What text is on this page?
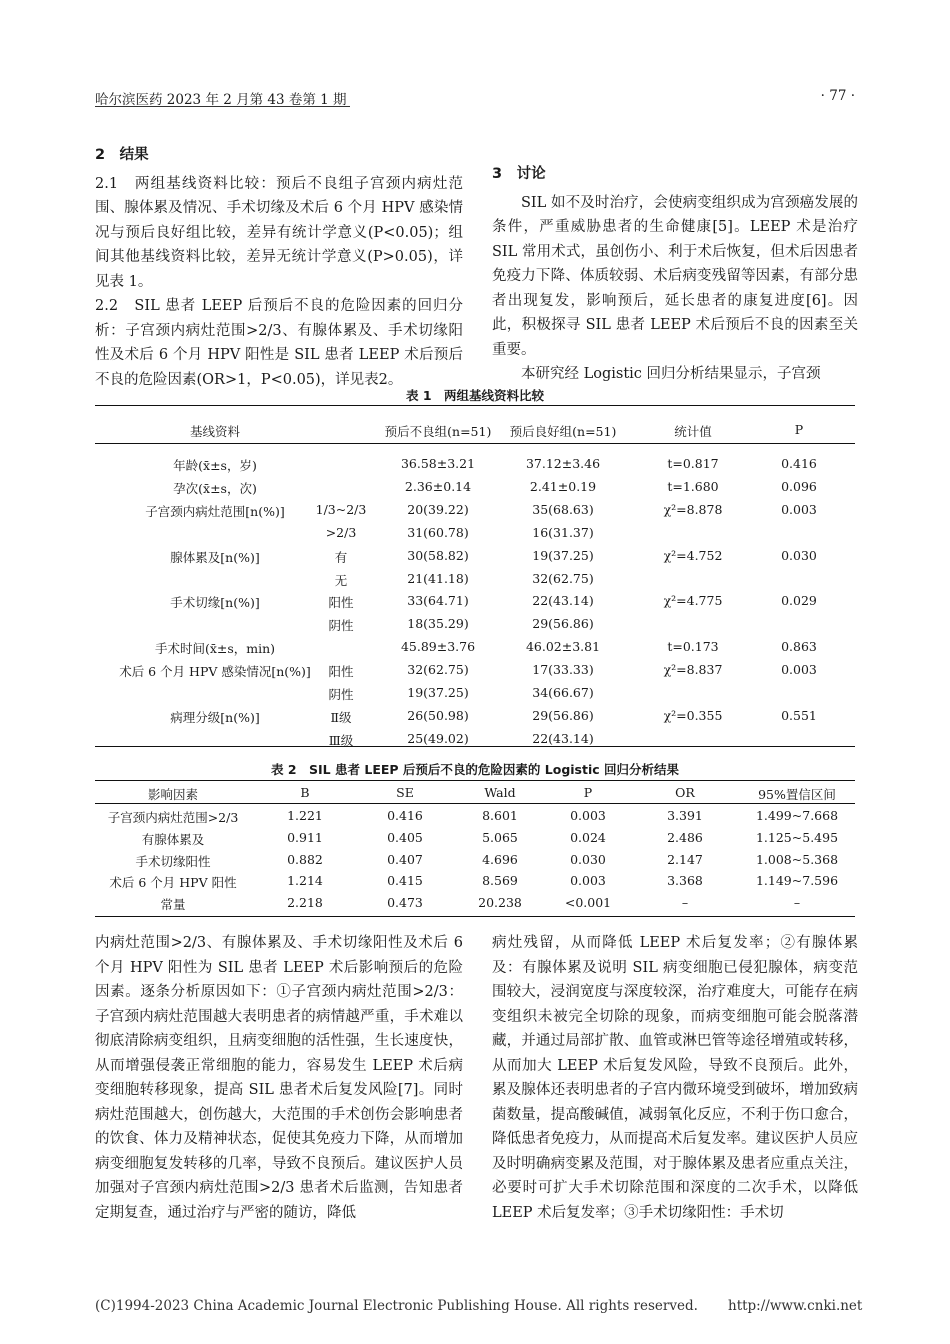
哈尔滨医药 2023 年 2 月第 43 卷第 1 期	· 77 ·

2　结果

2.1　两组基线资料比较：预后不良组子宫颈内病灶范围、腺体累及情况、手术切缘及术后 6 个月 HPV 感染情况与预后良好组比较，差异有统计学意义(P<0.05)；组间其他基线资料比较，差异无统计学意义(P>0.05)，详见表 1。

2.2　SIL 患者 LEEP 后预后不良的危险因素的回归分析：子宫颈内病灶范围>2/3、有腺体累及、手术切缘阳性及术后 6 个月 HPV 阳性是 SIL 患者 LEEP 术后预后不良的危险因素(OR>1，P<0.05)，详见表2。

3　讨论

SIL 如不及时治疗，会使病变组织成为宫颈癌发展的条件，严重威胁患者的生命健康[5]。LEEP 术是治疗 SIL 常用术式，虽创伤小、利于术后恢复，但术后因患者免疫力下降、体质较弱、术后病变残留等因素，有部分患者出现复发，影响预后，延长患者的康复进度[6]。因此，积极探寻 SIL 患者 LEEP 术后预后不良的因素至关重要。

本研究经 Logistic 回归分析结果显示，子宫颈

表 1　两组基线资料比较
基线资料	预后不良组(n=51) 预后良好组(n=51)	统计值	P
年龄(x̄±s，岁)	36.58±3.21	37.12±3.46	t=0.817	0.416
孕次(x̄±s，次)	2.36±0.14	2.41±0.19	t=1.680	0.096
子宫颈内病灶范围[n(%)] 1/3~2/3	20(39.22)	35(68.63)	χ²=8.878	0.003
>2/3	31(60.78)	16(31.37)
腺体累及[n(%)]	有	30(58.82)	19(37.25)	χ²=4.752	0.030
无	21(41.18)	32(62.75)
手术切缘[n(%)]	阳性	33(64.71)	22(43.14)	χ²=4.775	0.029
阴性	18(35.29)	29(56.86)
手术时间(x̄±s，min)	45.89±3.76	46.02±3.81	t=0.173	0.863
术后 6 个月 HPV 感染情况[n(%)] 阳性	32(62.75)	17(33.33)	χ²=8.837	0.003
阴性	19(37.25)	34(66.67)
病理分级[n(%)]	Ⅱ级	26(50.98)	29(56.86)	χ²=0.355	0.551
Ⅲ级	25(49.02)	22(43.14)
表 2　SIL 患者 LEEP 后预后不良的危险因素的 Logistic 回归分析结果
影响因素	B	SE	Wald	P	OR	95%置信区间
子宫颈内病灶范围>2/3	1.221	0.416	8.601	0.003	3.391	1.499~7.668
有腺体累及	0.911	0.405	5.065	0.024	2.486	1.125~5.495
手术切缘阳性	0.882	0.407	4.696	0.030	2.147	1.008~5.368
术后 6 个月 HPV 阳性	1.214	0.415	8.569	0.003	3.368	1.149~7.596
常量	2.218	0.473	20.238	<0.001	–	–

内病灶范围>2/3、有腺体累及、手术切缘阳性及术后 6 个月 HPV 阳性为 SIL 患者 LEEP 术后影响预后的危险因素。逐条分析原因如下：①子宫颈内病灶范围>2/3：子宫颈内病灶范围越大表明患者的病情越严重，手术难以彻底清除病变组织，且病变细胞的活性强，生长速度快，从而增强侵袭正常细胞的能力，容易发生 LEEP 术后病变细胞转移现象，提高 SIL 患者术后复发风险[7]。同时病灶范围越大，创伤越大，大范围的手术创伤会影响患者的饮食、体力及精神状态，促使其免疫力下降，从而增加病变细胞复发转移的几率，导致不良预后。建议医护人员加强对子宫颈内病灶范围>2/3 患者术后监测，告知患者定期复查，通过治疗与严密的随访，降低

病灶残留，从而降低 LEEP 术后复发率；②有腺体累及：有腺体累及说明 SIL 病变细胞已侵犯腺体，病变范围较大，浸润宽度与深度较深，治疗难度大，可能存在病变组织未被完全切除的现象，而病变细胞可能会脱落潜藏，并通过局部扩散、血管或淋巴管等途径增殖或转移，从而加大 LEEP 术后复发风险，导致不良预后。此外，累及腺体还表明患者的子宫内微环境受到破坏，增加致病菌数量，提高酸碱值，减弱氧化反应，不利于伤口愈合，降低患者免疫力，从而提高术后复发率。建议医护人员应及时明确病变累及范围，对于腺体累及患者应重点关注，必要时可扩大手术切除范围和深度的二次手术，以降低 LEEP 术后复发率；③手术切缘阳性：手术切

(C)1994-2023 China Academic Journal Electronic Publishing House. All rights reserved. http://www.cnki.net
